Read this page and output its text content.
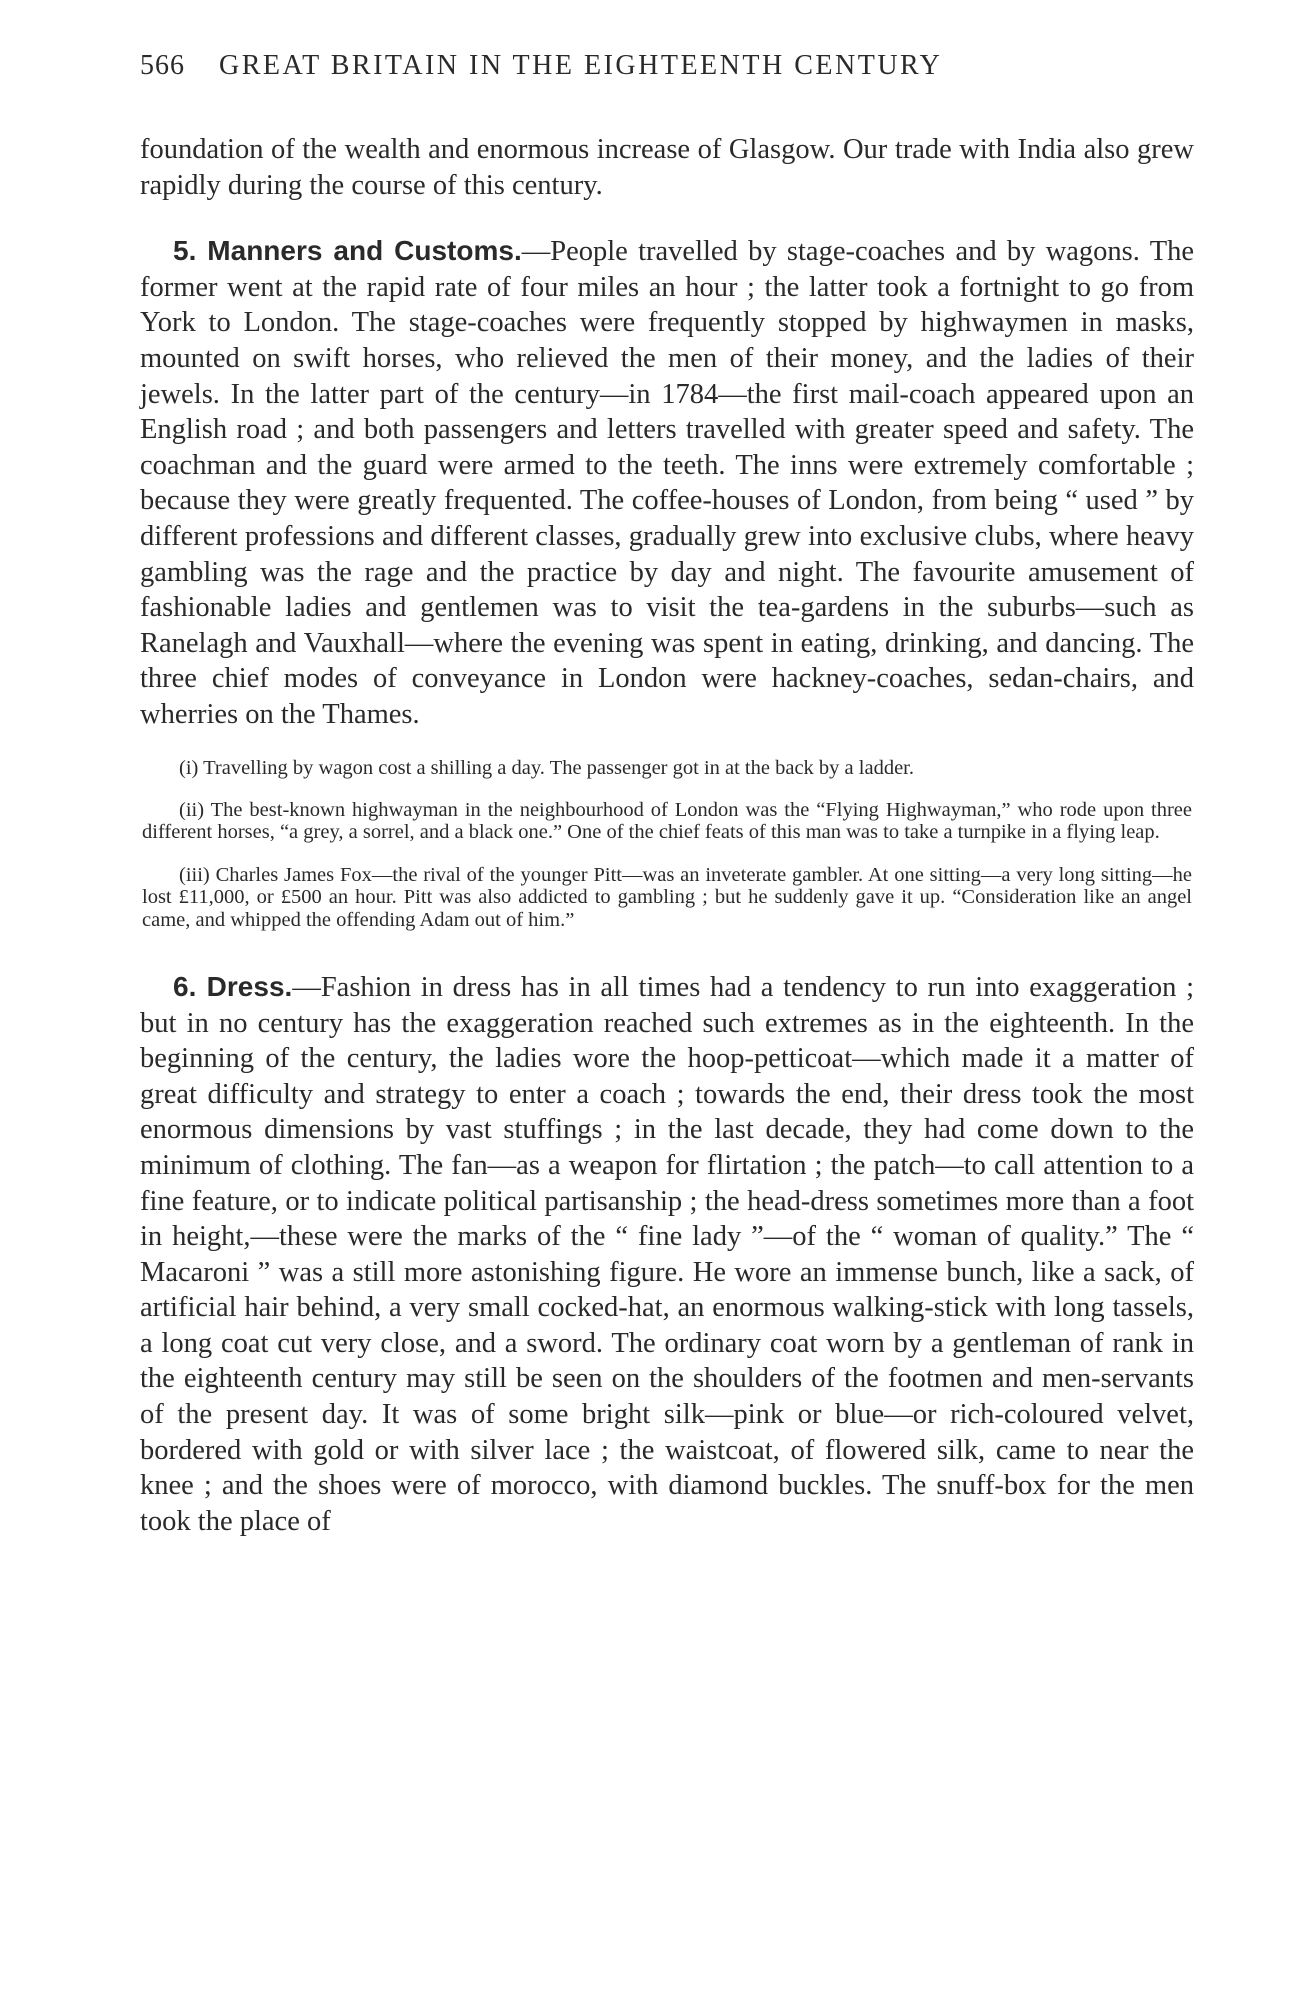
566 GREAT BRITAIN IN THE EIGHTEENTH CENTURY

foundation of the wealth and enormous increase of Glasgow. Our trade with India also grew rapidly during the course of this century.

5. Manners and Customs.—People travelled by stage-coaches and by wagons. The former went at the rapid rate of four miles an hour ; the latter took a fortnight to go from York to London. The stage-coaches were frequently stopped by highwaymen in masks, mounted on swift horses, who relieved the men of their money, and the ladies of their jewels. In the latter part of the century—in 1784—the first mail-coach appeared upon an English road ; and both passengers and letters travelled with greater speed and safety. The coachman and the guard were armed to the teeth. The inns were extremely comfortable ; because they were greatly frequented. The coffee-houses of London, from being “ used ” by different professions and different classes, gradually grew into exclusive clubs, where heavy gambling was the rage and the practice by day and night. The favourite amusement of fashionable ladies and gentlemen was to visit the tea-gardens in the suburbs—such as Ranelagh and Vauxhall—where the evening was spent in eating, drinking, and dancing. The three chief modes of conveyance in London were hackney-coaches, sedan-chairs, and wherries on the Thames.

(i) Travelling by wagon cost a shilling a day. The passenger got in at the back by a ladder.

(ii) The best-known highwayman in the neighbourhood of London was the “Flying Highwayman,” who rode upon three different horses, “a grey, a sorrel, and a black one.” One of the chief feats of this man was to take a turnpike in a flying leap.

(iii) Charles James Fox—the rival of the younger Pitt—was an inveterate gambler. At one sitting—a very long sitting—he lost £11,000, or £500 an hour. Pitt was also addicted to gambling ; but he suddenly gave it up. “Consideration like an angel came, and whipped the offending Adam out of him.”

6. Dress.—Fashion in dress has in all times had a tendency to run into exaggeration ; but in no century has the exaggeration reached such extremes as in the eighteenth. In the beginning of the century, the ladies wore the hoop-petticoat—which made it a matter of great difficulty and strategy to enter a coach ; towards the end, their dress took the most enormous dimensions by vast stuffings ; in the last decade, they had come down to the minimum of clothing. The fan—as a weapon for flirtation ; the patch—to call attention to a fine feature, or to indicate political partisanship ; the head-dress sometimes more than a foot in height,—these were the marks of the “ fine lady ”—of the “ woman of quality.” The “ Macaroni ” was a still more astonishing figure. He wore an immense bunch, like a sack, of artificial hair behind, a very small cocked-hat, an enormous walking-stick with long tassels, a long coat cut very close, and a sword. The ordinary coat worn by a gentleman of rank in the eighteenth century may still be seen on the shoulders of the footmen and men-servants of the present day. It was of some bright silk—pink or blue—or rich-coloured velvet, bordered with gold or with silver lace ; the waistcoat, of flowered silk, came to near the knee ; and the shoes were of morocco, with diamond buckles. The snuff-box for the men took the place of
